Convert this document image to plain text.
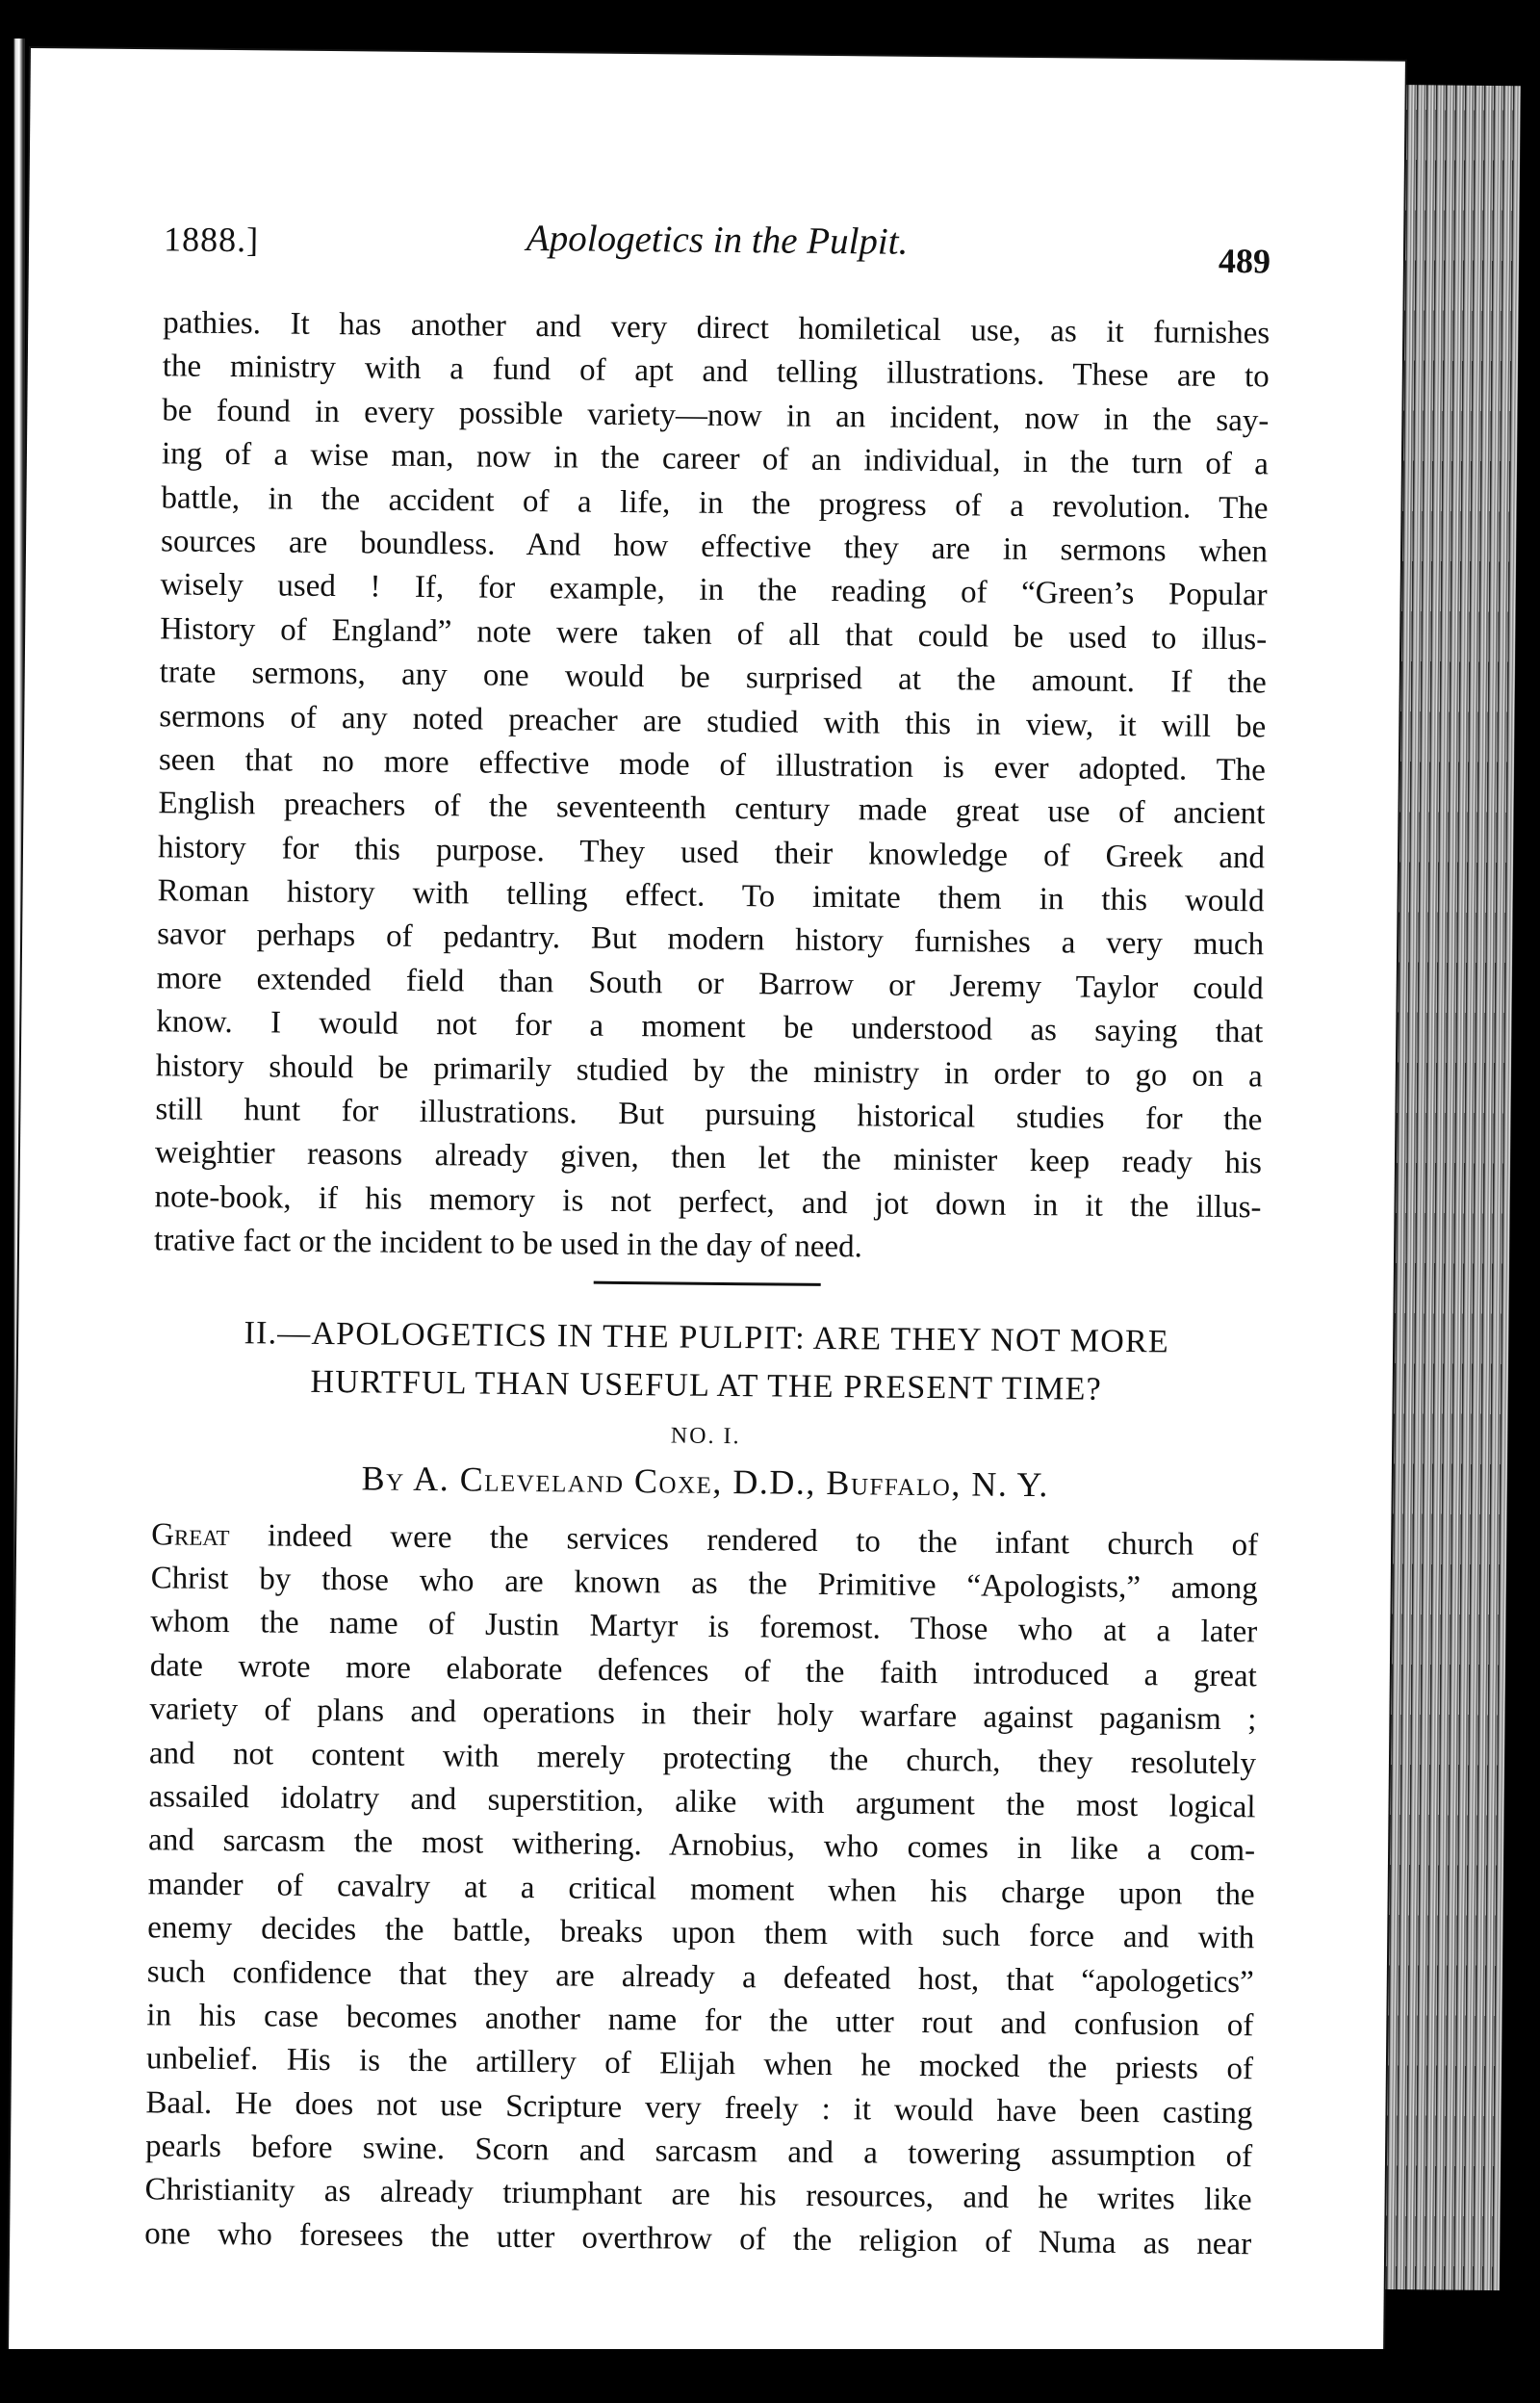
1888.]	Apologetics in the Pulpit.	489
pathies. It has another and very direct homiletical use, as it furnishes
the ministry with a fund of apt and telling illustrations. These are to
be found in every possible variety—now in an incident, now in the say-
ing of a wise man, now in the career of an individual, in the turn of a
battle, in the accident of a life, in the progress of a revolution. The
sources are boundless. And how effective they are in sermons when
wisely used ! If, for example, in the reading of “Green’s Popular
History of England” note were taken of all that could be used to illus-
trate sermons, any one would be surprised at the amount. If the
sermons of any noted preacher are studied with this in view, it will be
seen that no more effective mode of illustration is ever adopted. The
English preachers of the seventeenth century made great use of ancient
history for this purpose. They used their knowledge of Greek and
Roman history with telling effect. To imitate them in this would
savor perhaps of pedantry. But modern history furnishes a very much
more extended field than South or Barrow or Jeremy Taylor could
know. I would not for a moment be understood as saying that
history should be primarily studied by the ministry in order to go on a
still hunt for illustrations. But pursuing historical studies for the
weightier reasons already given, then let the minister keep ready his
note-book, if his memory is not perfect, and jot down in it the illus-
trative fact or the incident to be used in the day of need.
II.—APOLOGETICS IN THE PULPIT: ARE THEY NOT MORE
HURTFUL THAN USEFUL AT THE PRESENT TIME?
NO. I.
By A. Cleveland Coxe, D.D., Buffalo, N. Y.
Great indeed were the services rendered to the infant church of
Christ by those who are known as the Primitive “Apologists,” among
whom the name of Justin Martyr is foremost. Those who at a later
date wrote more elaborate defences of the faith introduced a great
variety of plans and operations in their holy warfare against paganism ;
and not content with merely protecting the church, they resolutely
assailed idolatry and superstition, alike with argument the most logical
and sarcasm the most withering. Arnobius, who comes in like a com-
mander of cavalry at a critical moment when his charge upon the
enemy decides the battle, breaks upon them with such force and with
such confidence that they are already a defeated host, that “apologetics”
in his case becomes another name for the utter rout and confusion of
unbelief. His is the artillery of Elijah when he mocked the priests of
Baal. He does not use Scripture very freely : it would have been casting
pearls before swine. Scorn and sarcasm and a towering assumption of
Christianity as already triumphant are his resources, and he writes like
one who foresees the utter overthrow of the religion of Numa as near
